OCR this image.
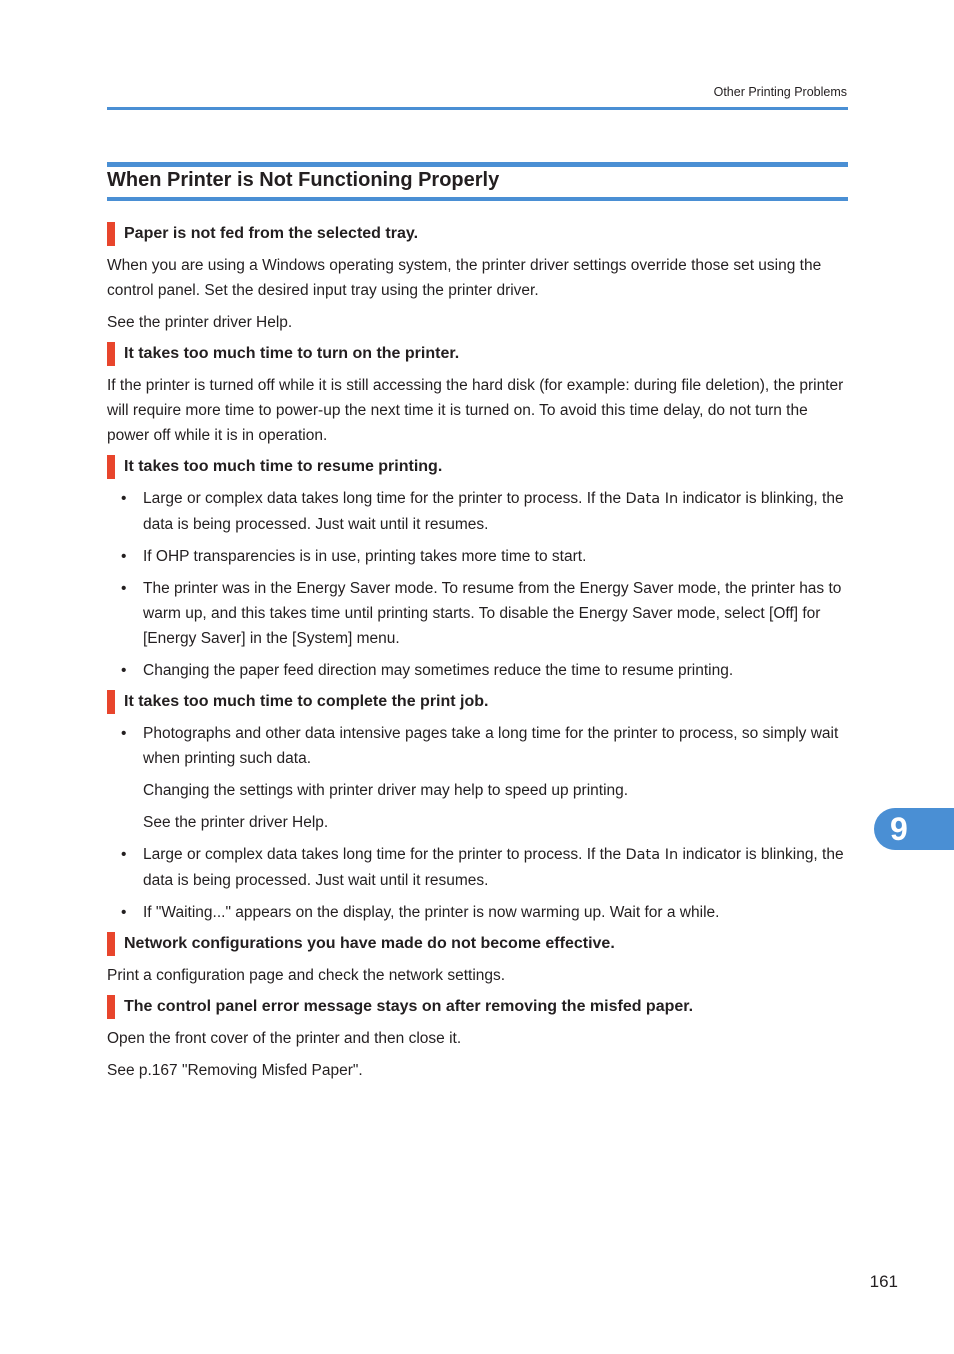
Other Printing Problems
When Printer is Not Functioning Properly
Paper is not fed from the selected tray.

When you are using a Windows operating system, the printer driver settings override those set using the control panel. Set the desired input tray using the printer driver.

See the printer driver Help.

It takes too much time to turn on the printer.

If the printer is turned off while it is still accessing the hard disk (for example: during file deletion), the printer will require more time to power-up the next time it is turned on. To avoid this time delay, do not turn the power off while it is in operation.

It takes too much time to resume printing.
• Large or complex data takes long time for the printer to process. If the Data In indicator is blinking, the data is being processed. Just wait until it resumes.
• If OHP transparencies is in use, printing takes more time to start.
• The printer was in the Energy Saver mode. To resume from the Energy Saver mode, the printer has to warm up, and this takes time until printing starts. To disable the Energy Saver mode, select [Off] for [Energy Saver] in the [System] menu.
• Changing the paper feed direction may sometimes reduce the time to resume printing.
It takes too much time to complete the print job.
• Photographs and other data intensive pages take a long time for the printer to process, so simply wait when printing such data.

Changing the settings with printer driver may help to speed up printing.

See the printer driver Help.

• Large or complex data takes long time for the printer to process. If the Data In indicator is blinking, the data is being processed. Just wait until it resumes.
• If "Waiting..." appears on the display, the printer is now warming up. Wait for a while.
Network configurations you have made do not become effective.

Print a configuration page and check the network settings.

The control panel error message stays on after removing the misfed paper.

Open the front cover of the printer and then close it.

See p.167 "Removing Misfed Paper".

9
161
